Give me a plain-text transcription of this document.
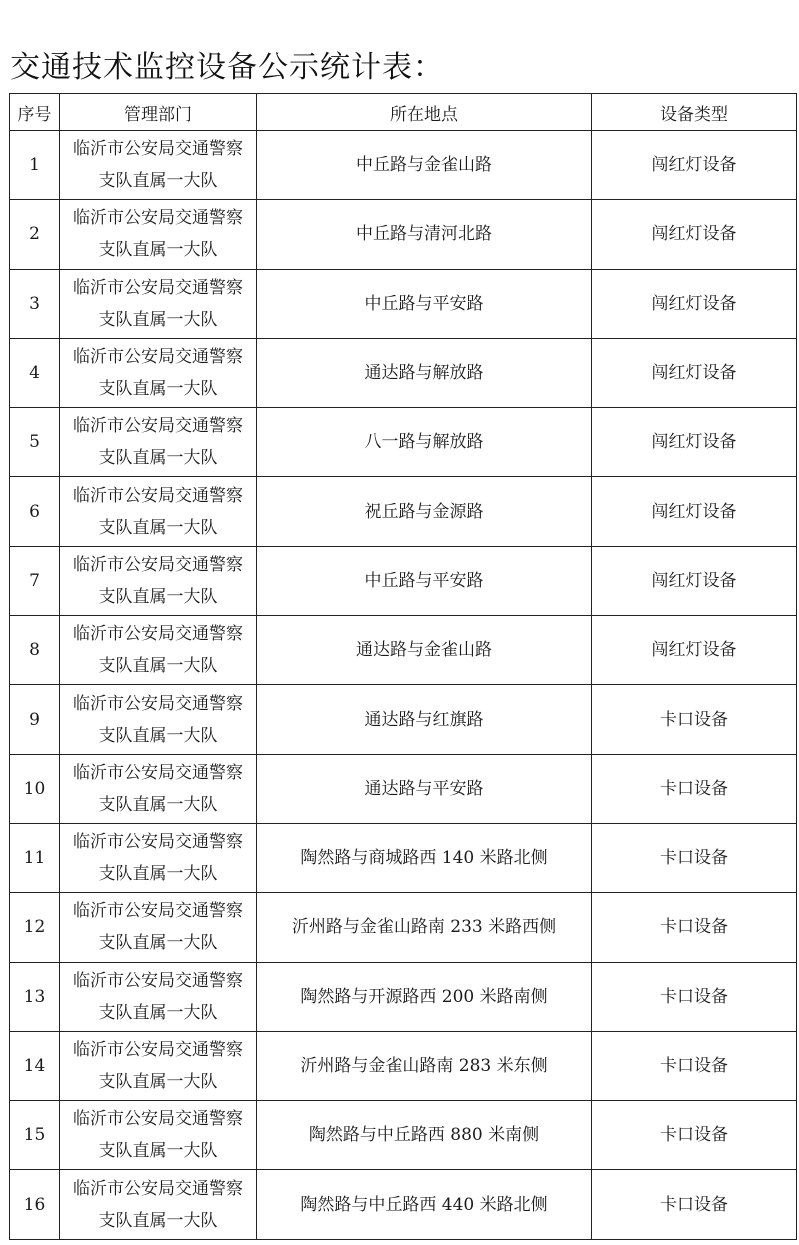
交通技术监控设备公示统计表：
序号	管理部门	所在地点	设备类型
1	临沂市公安局交通警察
支队直属一大队	中丘路与金雀山路	闯红灯设备
2	临沂市公安局交通警察
支队直属一大队	中丘路与清河北路	闯红灯设备
3	临沂市公安局交通警察
支队直属一大队	中丘路与平安路	闯红灯设备
4	临沂市公安局交通警察
支队直属一大队	通达路与解放路	闯红灯设备
5	临沂市公安局交通警察
支队直属一大队	八一路与解放路	闯红灯设备
6	临沂市公安局交通警察
支队直属一大队	祝丘路与金源路	闯红灯设备
7	临沂市公安局交通警察
支队直属一大队	中丘路与平安路	闯红灯设备
8	临沂市公安局交通警察
支队直属一大队	通达路与金雀山路	闯红灯设备
9	临沂市公安局交通警察
支队直属一大队	通达路与红旗路	卡口设备
10	临沂市公安局交通警察
支队直属一大队	通达路与平安路	卡口设备
11	临沂市公安局交通警察
支队直属一大队	陶然路与商城路西 140 米路北侧	卡口设备
12	临沂市公安局交通警察
支队直属一大队	沂州路与金雀山路南 233 米路西侧	卡口设备
13	临沂市公安局交通警察
支队直属一大队	陶然路与开源路西 200 米路南侧	卡口设备
14	临沂市公安局交通警察
支队直属一大队	沂州路与金雀山路南 283 米东侧	卡口设备
15	临沂市公安局交通警察
支队直属一大队	陶然路与中丘路西 880 米南侧	卡口设备
16	临沂市公安局交通警察
支队直属一大队	陶然路与中丘路西 440 米路北侧	卡口设备
